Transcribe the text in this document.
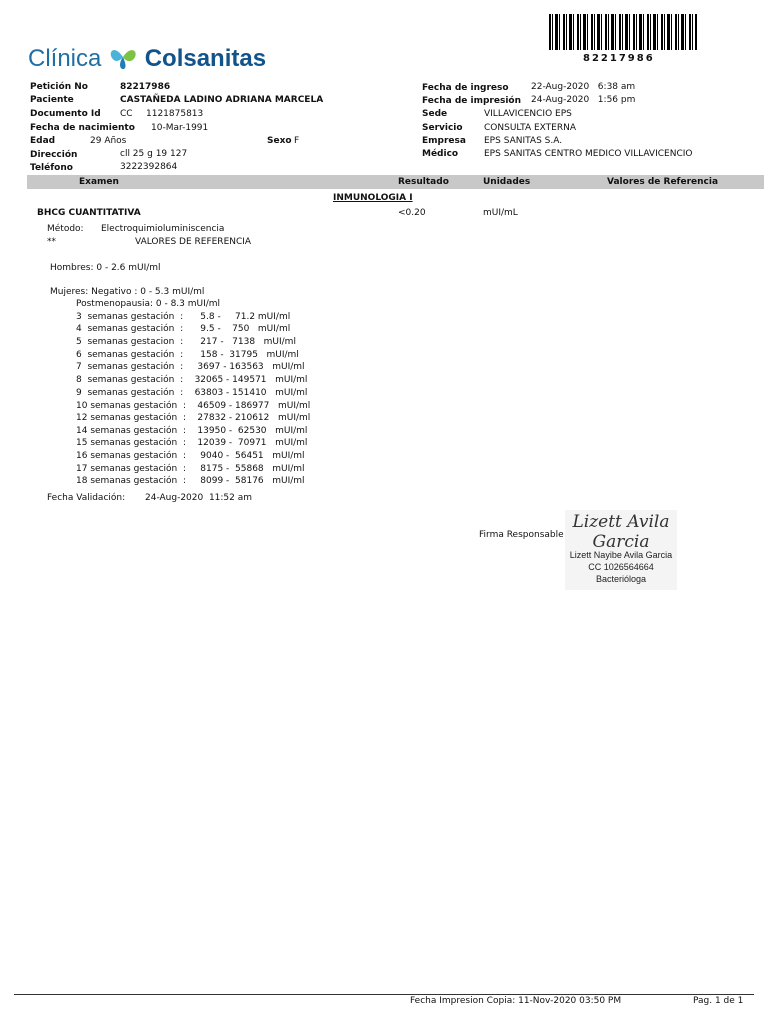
Clínica Colsanitas	82217986
Petición No	82217986
Paciente	CASTAÑEDA LADINO ADRIANA MARCELA
Documento Id CC 1121875813
Fecha de nacimiento 10-Mar-1991
Edad	29 Años	Sexo F
Dirección	cll 25 g 19 127
Teléfono	3222392864
Fecha de ingreso 22-Aug-2020   6:38 am
Fecha de impresión 24-Aug-2020   1:56 pm
Sede	VILLAVICENCIO EPS
Servicio CONSULTA EXTERNA
Empresa EPS SANITAS S.A.
Médico	EPS SANITAS CENTRO MEDICO VILLAVICENCIO
Examen	Resultado	Unidades	Valores de Referencia
INMUNOLOGIA I
BHCG CUANTITATIVA	<0.20	mUI/mL
Método: Electroquimioluminiscencia
**	VALORES DE REFERENCIA
Hombres: 0 - 2.6 mUI/ml
Mujeres: Negativo : 0 - 5.3 mUI/ml
Postmenopausia: 0 - 8.3 mUI/ml
3  semanas gestación  :      5.8 -     71.2 mUI/ml
4  semanas gestación  :      9.5 -    750   mUI/ml
5  semanas gestacion  :      217 -   7138   mUI/ml
6  semanas gestación  :      158 -  31795   mUI/ml
7  semanas gestación  :     3697 - 163563   mUI/ml
8  semanas gestación  :    32065 - 149571   mUI/ml
9  semanas gestación  :    63803 - 151410   mUI/ml
10 semanas gestación  :    46509 - 186977   mUI/ml
12 semanas gestación  :    27832 - 210612   mUI/ml
14 semanas gestación  :    13950 -  62530   mUI/ml
15 semanas gestación  :    12039 -  70971   mUI/ml
16 semanas gestación  :     9040 -  56451   mUI/ml
17 semanas gestación  :     8175 -  55868   mUI/ml
18 semanas gestación  :     8099 -  58176   mUI/ml
Fecha Validación: 24-Aug-2020  11:52 am
Firma Responsable
Lizett Avila Garcia
Lizett Nayibe Avila Garcia
CC 1026564664
Bacterióloga
Fecha Impresion Copia: 11-Nov-2020 03:50 PM	Pag. 1 de 1
